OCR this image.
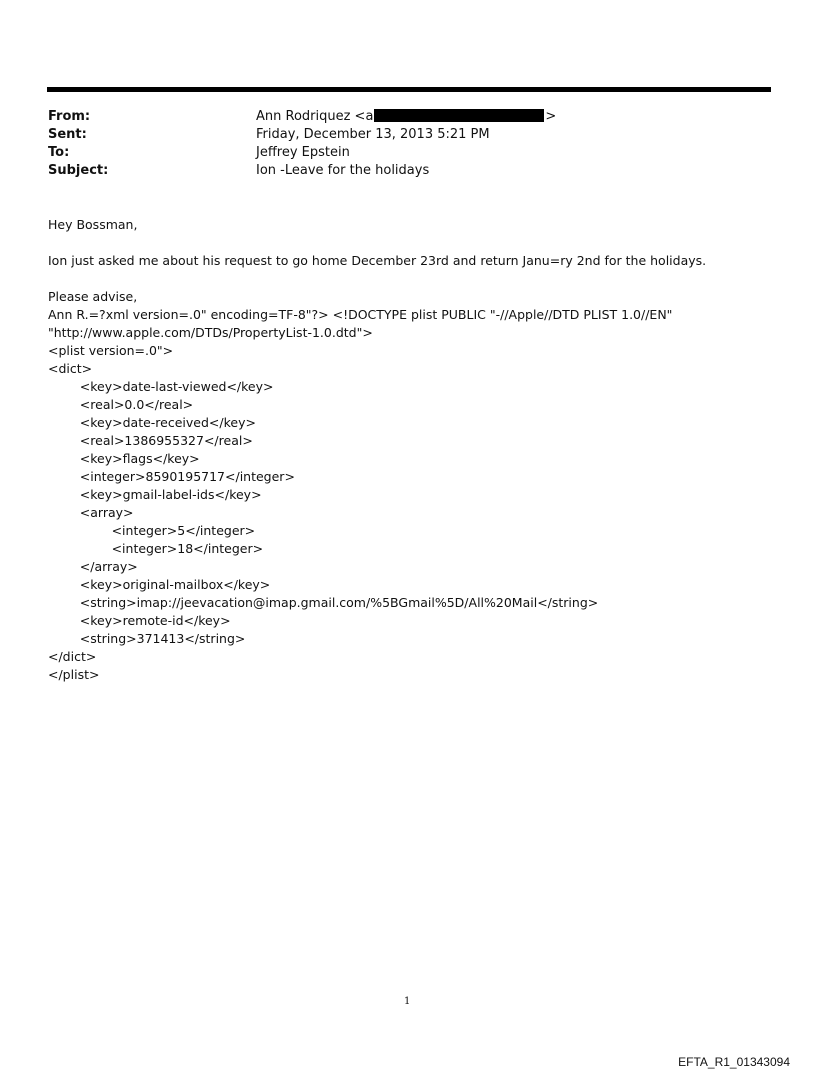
From:	Ann Rodriquez <a	>
Sent:	Friday, December 13, 2013 5:21 PM
To:	Jeffrey Epstein
Subject:	Ion -Leave for the holidays
Hey Bossman,
Ion just asked me about his request to go home December 23rd and return Janu=ry 2nd for the holidays.
Please advise,
Ann R.=?xml version=.0" encoding=TF-8"?> <!DOCTYPE plist PUBLIC "-//Apple//DTD PLIST 1.0//EN"
"http://www.apple.com/DTDs/PropertyList-1.0.dtd">
<plist version=.0">
<dict>
<key>date-last-viewed</key>
<real>0.0</real>
<key>date-received</key>
<real>1386955327</real>
<key>flags</key>
<integer>8590195717</integer>
<key>gmail-label-ids</key>
<array>
<integer>5</integer>
<integer>18</integer>
</array>
<key>original-mailbox</key>
<string>imap://jeevacation@imap.gmail.com/%5BGmail%5D/All%20Mail</string>
<key>remote-id</key>
<string>371413</string>
</dict>
</plist>
1
EFTA_R1_01343094
